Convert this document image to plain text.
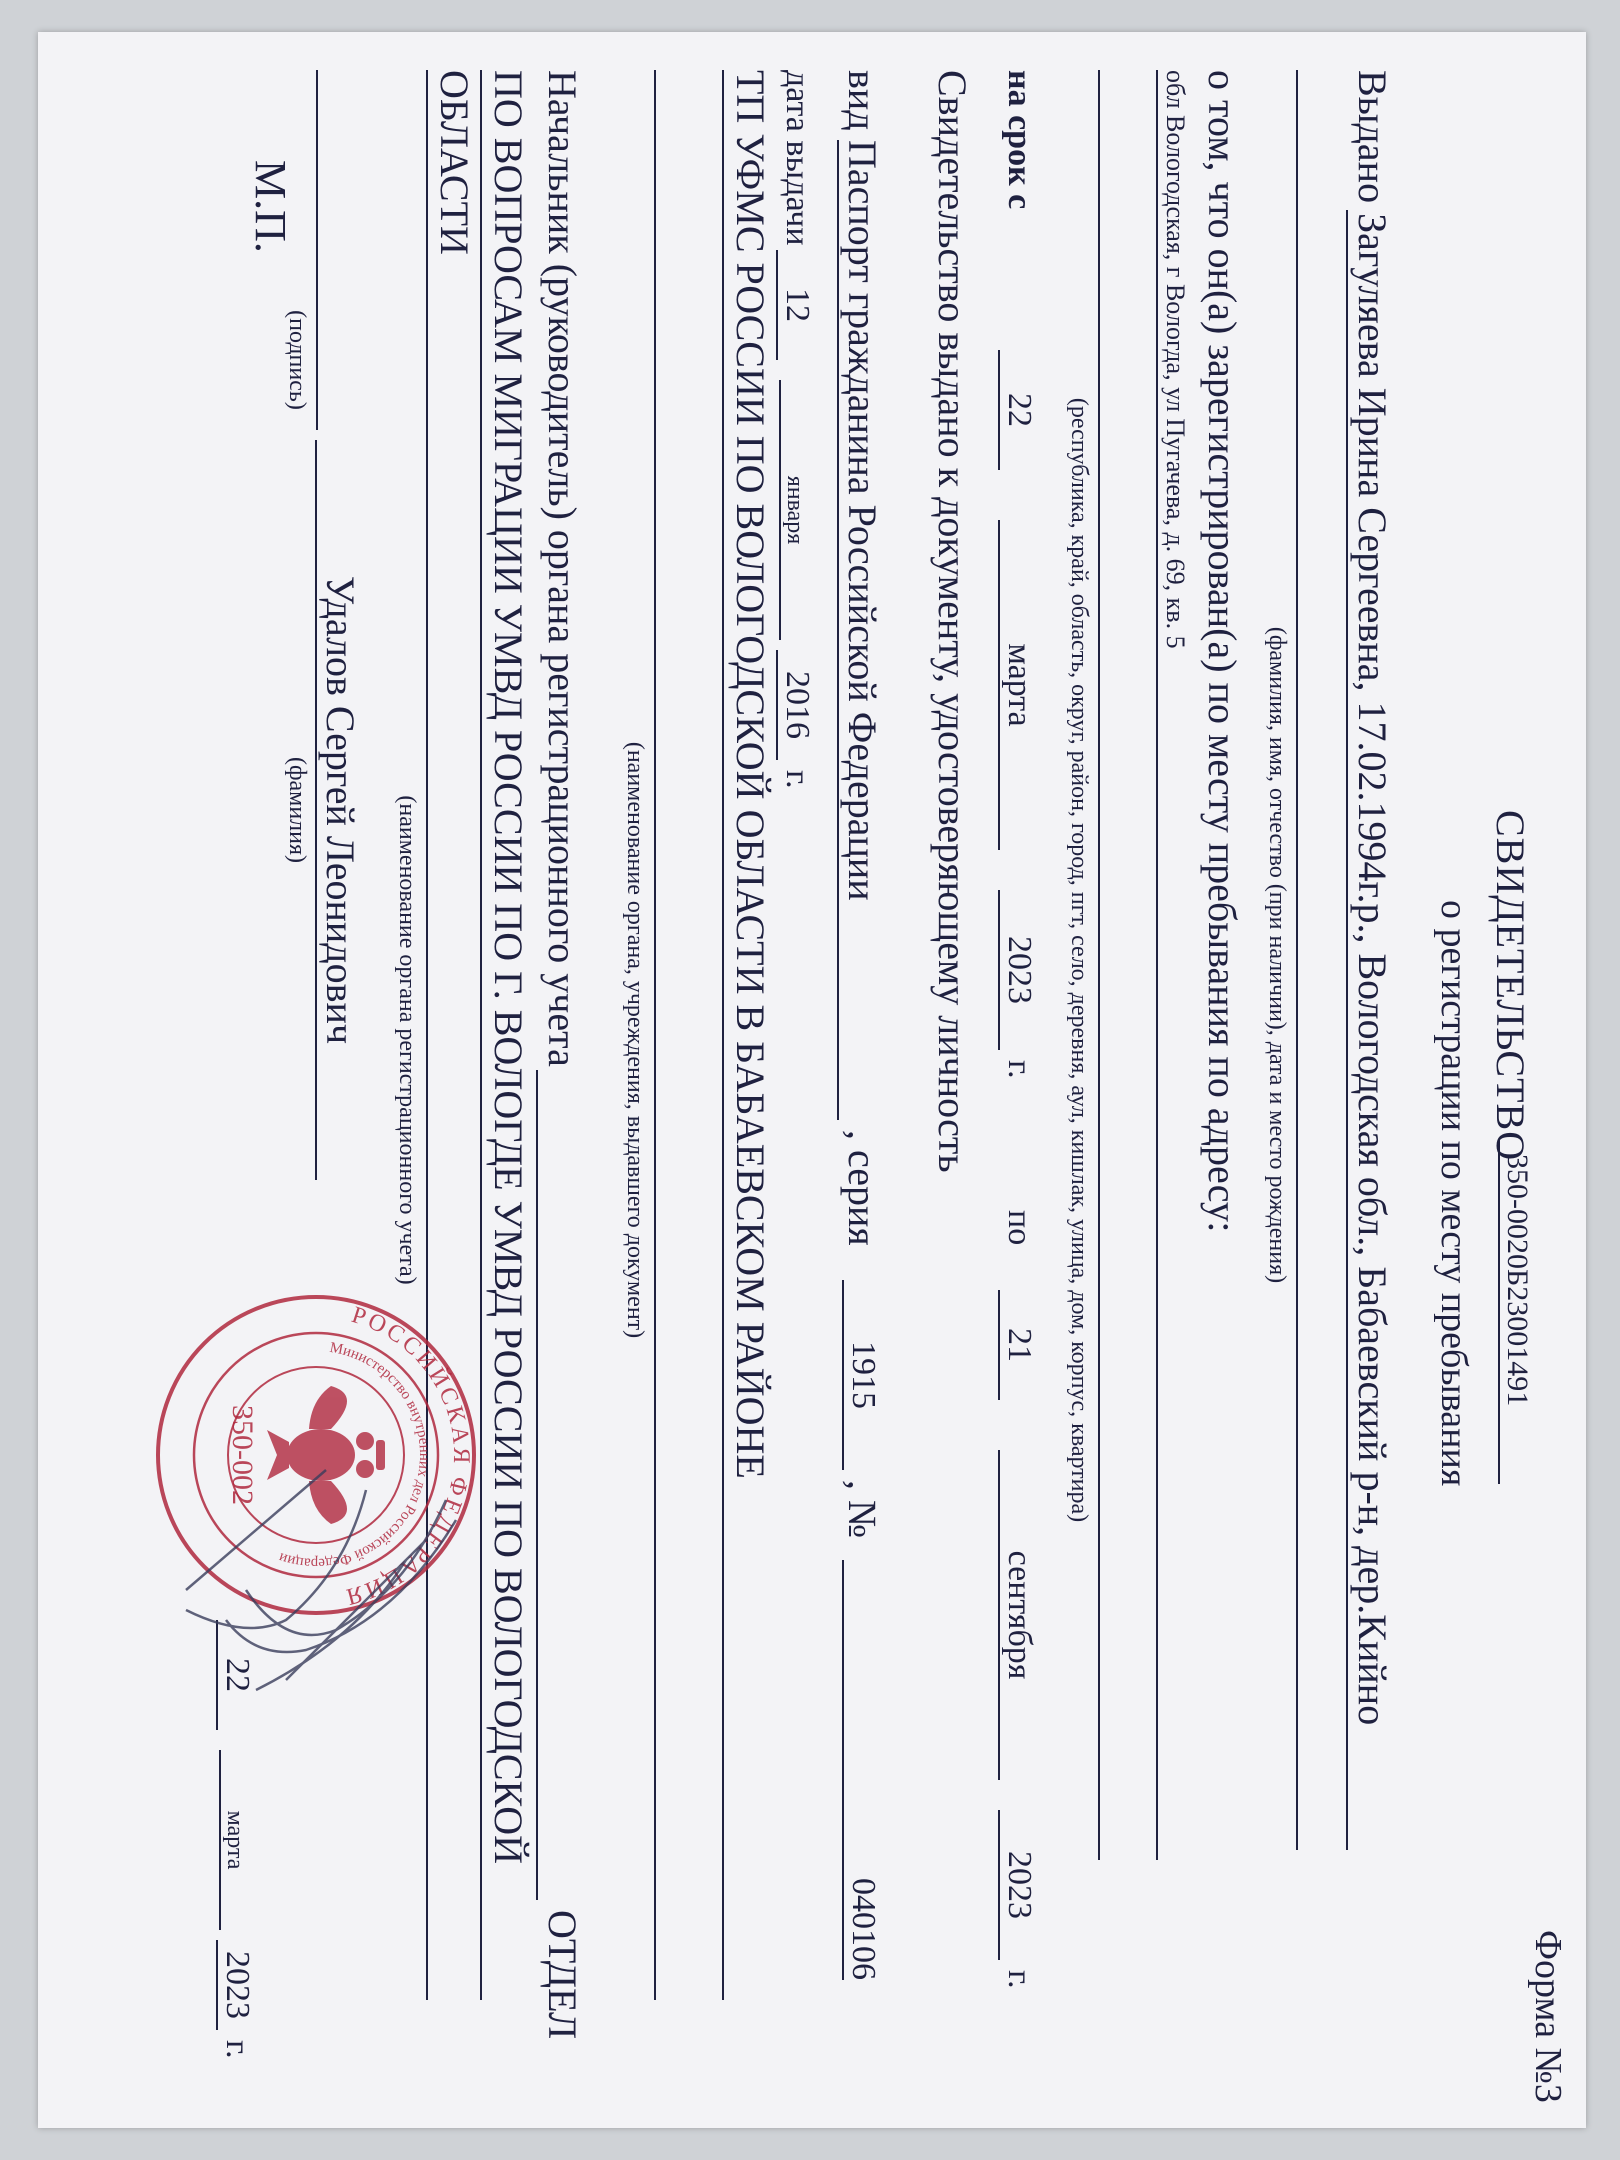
Форма №3
СВИДЕТЕЛЬСТВО
350-0020Б23001491
о регистрации по месту пребывания
Выдано Загуляева Ирина Сергеевна, 17.02.1994г.р., Вологодская обл., Бабаевский р-н, дер.Кийно
(фамилия, имя, отчество (при наличии), дата и место рождения)
о том, что он(а) зарегистрирован(а) по месту пребывания по адресу:
обл Вологодская, г Вологда, ул Пугачева, д. 69, кв. 5
(республика, край, область, округ, район, город, пгт, село, деревня, аул, кишлак, улица, дом, корпус, квартира)
на срок с
22
марта
2023
г.
по
21
сентября
2023
г.
Свидетельство выдано к документу, удостоверяющему личность
вид
Паспорт гражданина Российской Федерации
, серия
1915
, №
040106
дата выдачи
12
января
2016
г.
ТП УФМС РОССИИ ПО ВОЛОГОДСКОЙ ОБЛАСТИ В БАБАЕВСКОМ РАЙОНЕ
(наименование органа, учреждения, выдавшего документ)
Начальник (руководитель) органа регистрационного учета
ОТДЕЛ
ПО ВОПРОСАМ МИГРАЦИИ УМВД РОССИИ ПО Г. ВОЛОГДЕ УМВД РОССИИ ПО ВОЛОГОДСКОЙ
ОБЛАСТИ
(наименование органа регистрационного учета)
(подпись)
Удалов Сергей Леонидович
(фамилия)
М.П.
22
марта
2023
г.
РОССИЙСКАЯ ФЕДЕРАЦИЯ
Министерство внутренних дел Российской Федерации
350-002
